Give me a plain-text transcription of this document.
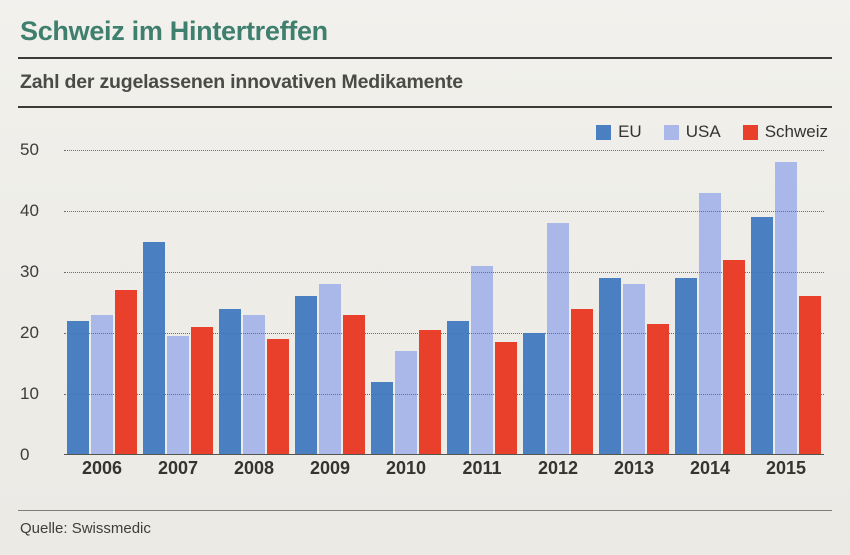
Schweiz im Hintertreffen
Zahl der zugelassenen innovativen Medikamente
EU	USA	Schweiz
0
10
20
30
40
50
2006	2007	2008	2009	2010	2011	2012	2013	2014	2015
Quelle: Swissmedic
